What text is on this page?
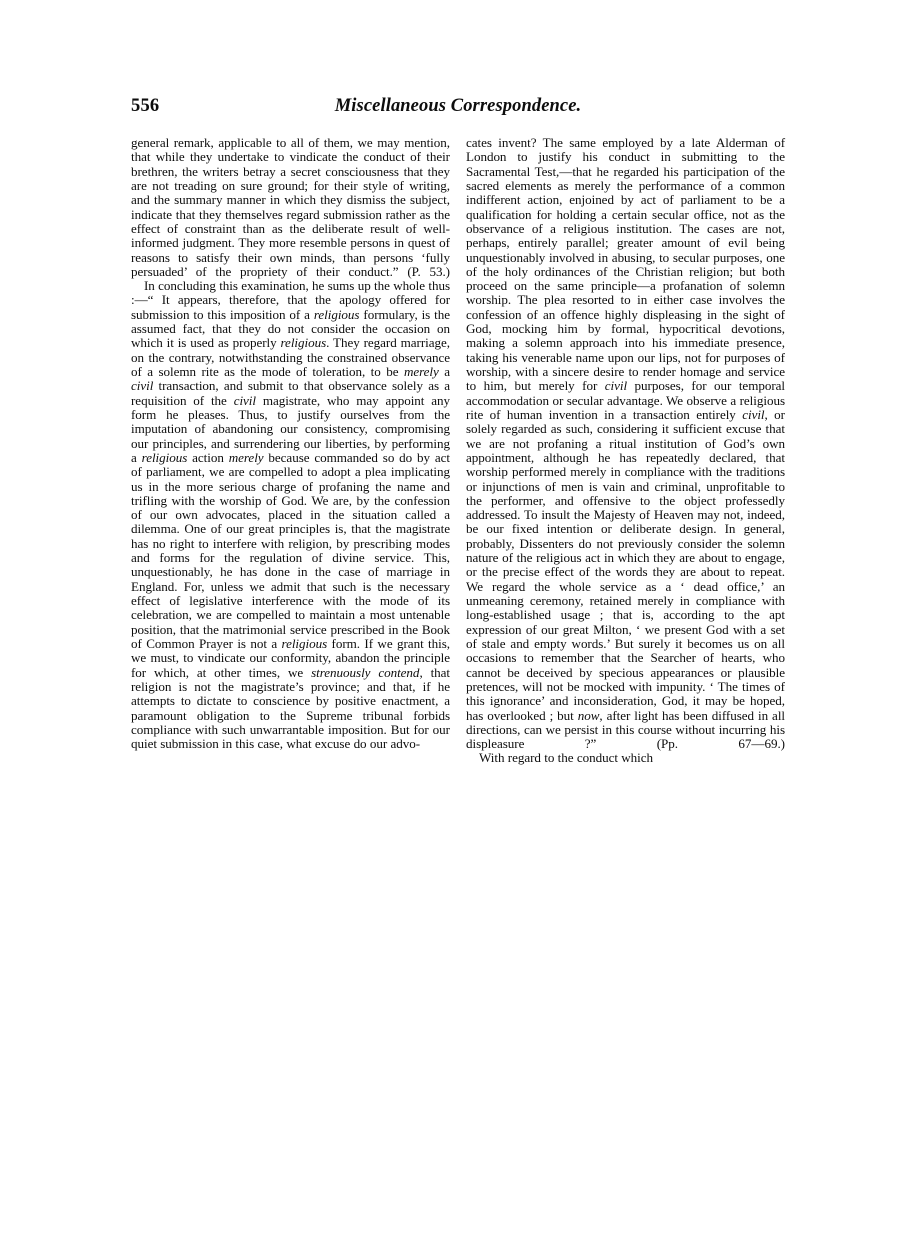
556	Miscellaneous Correspondence.

general remark, applicable to all of them, we may mention, that while they undertake to vindicate the conduct of their brethren, the writers betray a secret consciousness that they are not treading on sure ground; for their style of writing, and the summary manner in which they dismiss the subject, indicate that they themselves regard submission rather as the effect of constraint than as the deliberate result of well-informed judgment. They more resemble persons in quest of reasons to satisfy their own minds, than persons ‘fully persuaded’ of the propriety of their conduct.” (P. 53.)

In concluding this examination, he sums up the whole thus :—“ It appears, therefore, that the apology offered for submission to this imposition of a religious formulary, is the assumed fact, that they do not consider the occasion on which it is used as properly religious. They regard marriage, on the contrary, notwithstanding the constrained observance of a solemn rite as the mode of toleration, to be merely a civil transaction, and submit to that observance solely as a requisition of the civil magistrate, who may appoint any form he pleases. Thus, to justify ourselves from the imputation of abandoning our consistency, compromising our principles, and surrendering our liberties, by performing a religious action merely because commanded so do by act of parliament, we are compelled to adopt a plea implicating us in the more serious charge of profaning the name and trifling with the worship of God. We are, by the confession of our own advocates, placed in the situation called a dilemma. One of our great principles is, that the magistrate has no right to interfere with religion, by prescribing modes and forms for the regulation of divine service. This, unquestionably, he has done in the case of marriage in England. For, unless we admit that such is the necessary effect of legislative interference with the mode of its celebration, we are compelled to maintain a most untenable position, that the matrimonial service prescribed in the Book of Common Prayer is not a religious form. If we grant this, we must, to vindicate our conformity, abandon the principle for which, at other times, we strenuously contend, that religion is not the magistrate’s province; and that, if he attempts to dictate to conscience by positive enactment, a paramount obligation to the Supreme tribunal forbids compliance with such unwarrantable imposition. But for our quiet submission in this case, what excuse do our advo-

cates invent? The same employed by a late Alderman of London to justify his conduct in submitting to the Sacramental Test,—that he regarded his participation of the sacred elements as merely the performance of a common indifferent action, enjoined by act of parliament to be a qualification for holding a certain secular office, not as the observance of a religious institution. The cases are not, perhaps, entirely parallel; greater amount of evil being unquestionably involved in abusing, to secular purposes, one of the holy ordinances of the Christian religion; but both proceed on the same principle—a profanation of solemn worship. The plea resorted to in either case involves the confession of an offence highly displeasing in the sight of God, mocking him by formal, hypocritical devotions, making a solemn approach into his immediate presence, taking his venerable name upon our lips, not for purposes of worship, with a sincere desire to render homage and service to him, but merely for civil purposes, for our temporal accommodation or secular advantage. We observe a religious rite of human invention in a transaction entirely civil, or solely regarded as such, considering it sufficient excuse that we are not profaning a ritual institution of God’s own appointment, although he has repeatedly declared, that worship performed merely in compliance with the traditions or injunctions of men is vain and criminal, unprofitable to the performer, and offensive to the object professedly addressed. To insult the Majesty of Heaven may not, indeed, be our fixed intention or deliberate design. In general, probably, Dissenters do not previously consider the solemn nature of the religious act in which they are about to engage, or the precise effect of the words they are about to repeat. We regard the whole service as a ‘ dead office,’ an unmeaning ceremony, retained merely in compliance with long-established usage ; that is, according to the apt expression of our great Milton, ‘ we present God with a set of stale and empty words.’ But surely it becomes us on all occasions to remember that the Searcher of hearts, who cannot be deceived by specious appearances or plausible pretences, will not be mocked with impunity. ‘ The times of this ignorance’ and inconsideration, God, it may be hoped, has overlooked ; but now, after light has been diffused in all directions, can we persist in this course without incurring his displeasure ?” (Pp. 67—69.)

With regard to the conduct which
